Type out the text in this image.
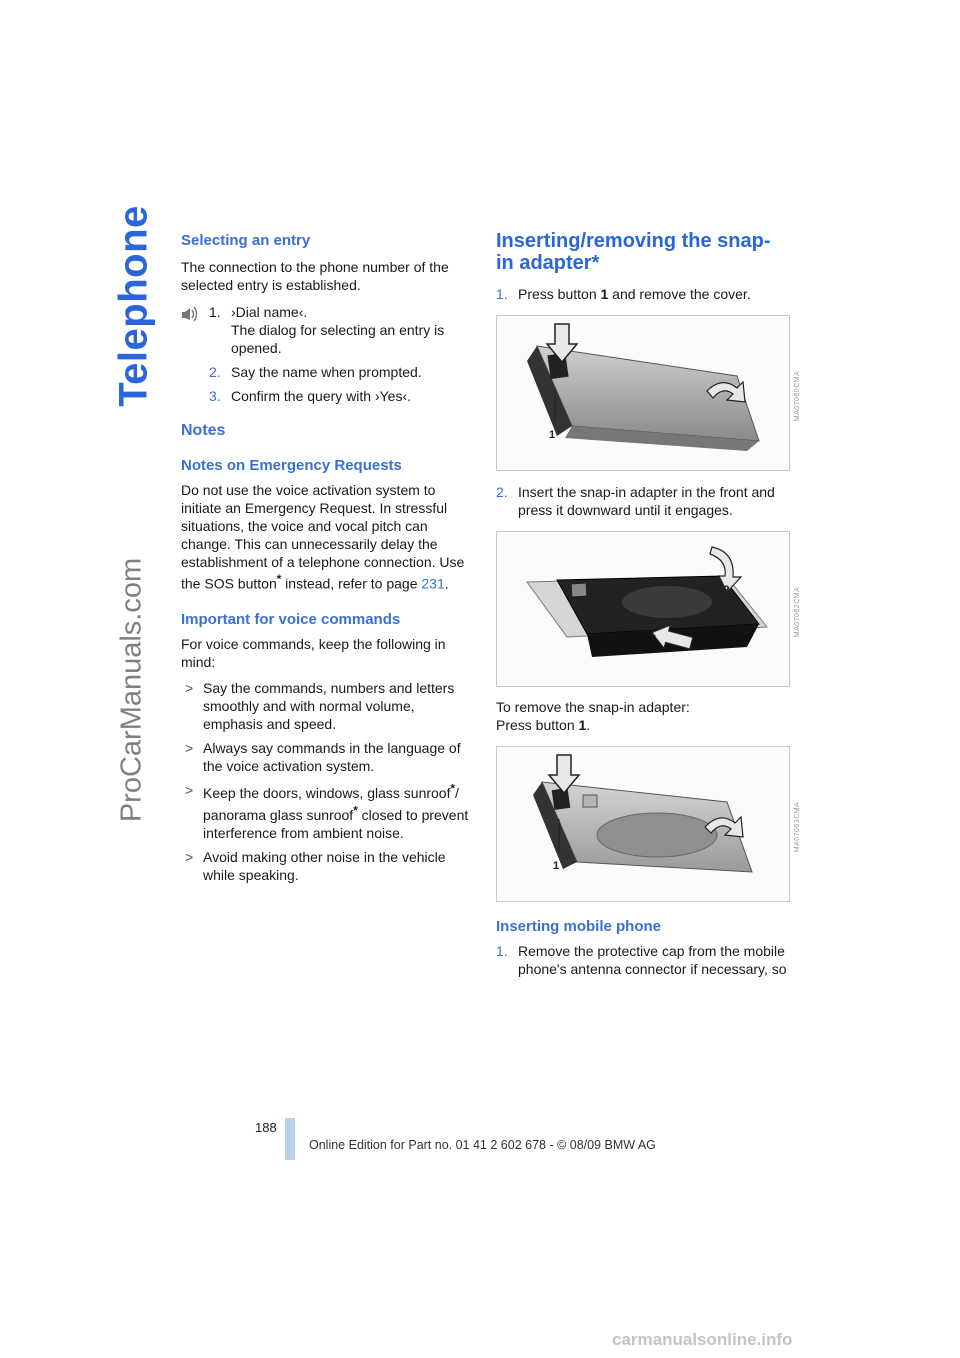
Telephone
ProCarManuals.com
Selecting an entry

The connection to the phone number of the selected entry is established.

1. ›Dial name‹.
The dialog for selecting an entry is opened.
2. Say the name when prompted.
3. Confirm the query with ›Yes‹.
Notes
Notes on Emergency Requests

Do not use the voice activation system to initiate an Emergency Request. In stressful situations, the voice and vocal pitch can change. This can unnecessarily delay the establishment of a telephone connection. Use the SOS button* instead, refer to page 231.

Important for voice commands

For voice commands, keep the following in mind:

> Say the commands, numbers and letters smoothly and with normal volume, emphasis and speed.
> Always say commands in the language of the voice activation system.
> Keep the doors, windows, glass sunroof*/ panorama glass sunroof* closed to prevent interference from ambient noise.
> Avoid making other noise in the vehicle while speaking.
Inserting/removing the snap-
in adapter*
1. Press button 1 and remove the cover.
1
MA07060CMA
2. Insert the snap-in adapter in the front and press it downward until it engages.
2
1	MA07062CMA

To remove the snap-in adapter:

Press button 1.

1
MA07063CMA
Inserting mobile phone
1. Remove the protective cap from the mobile phone's antenna connector if necessary, so
188
Online Edition for Part no. 01 41 2 602 678 - © 08/09 BMW AG
carmanualsonline.info
